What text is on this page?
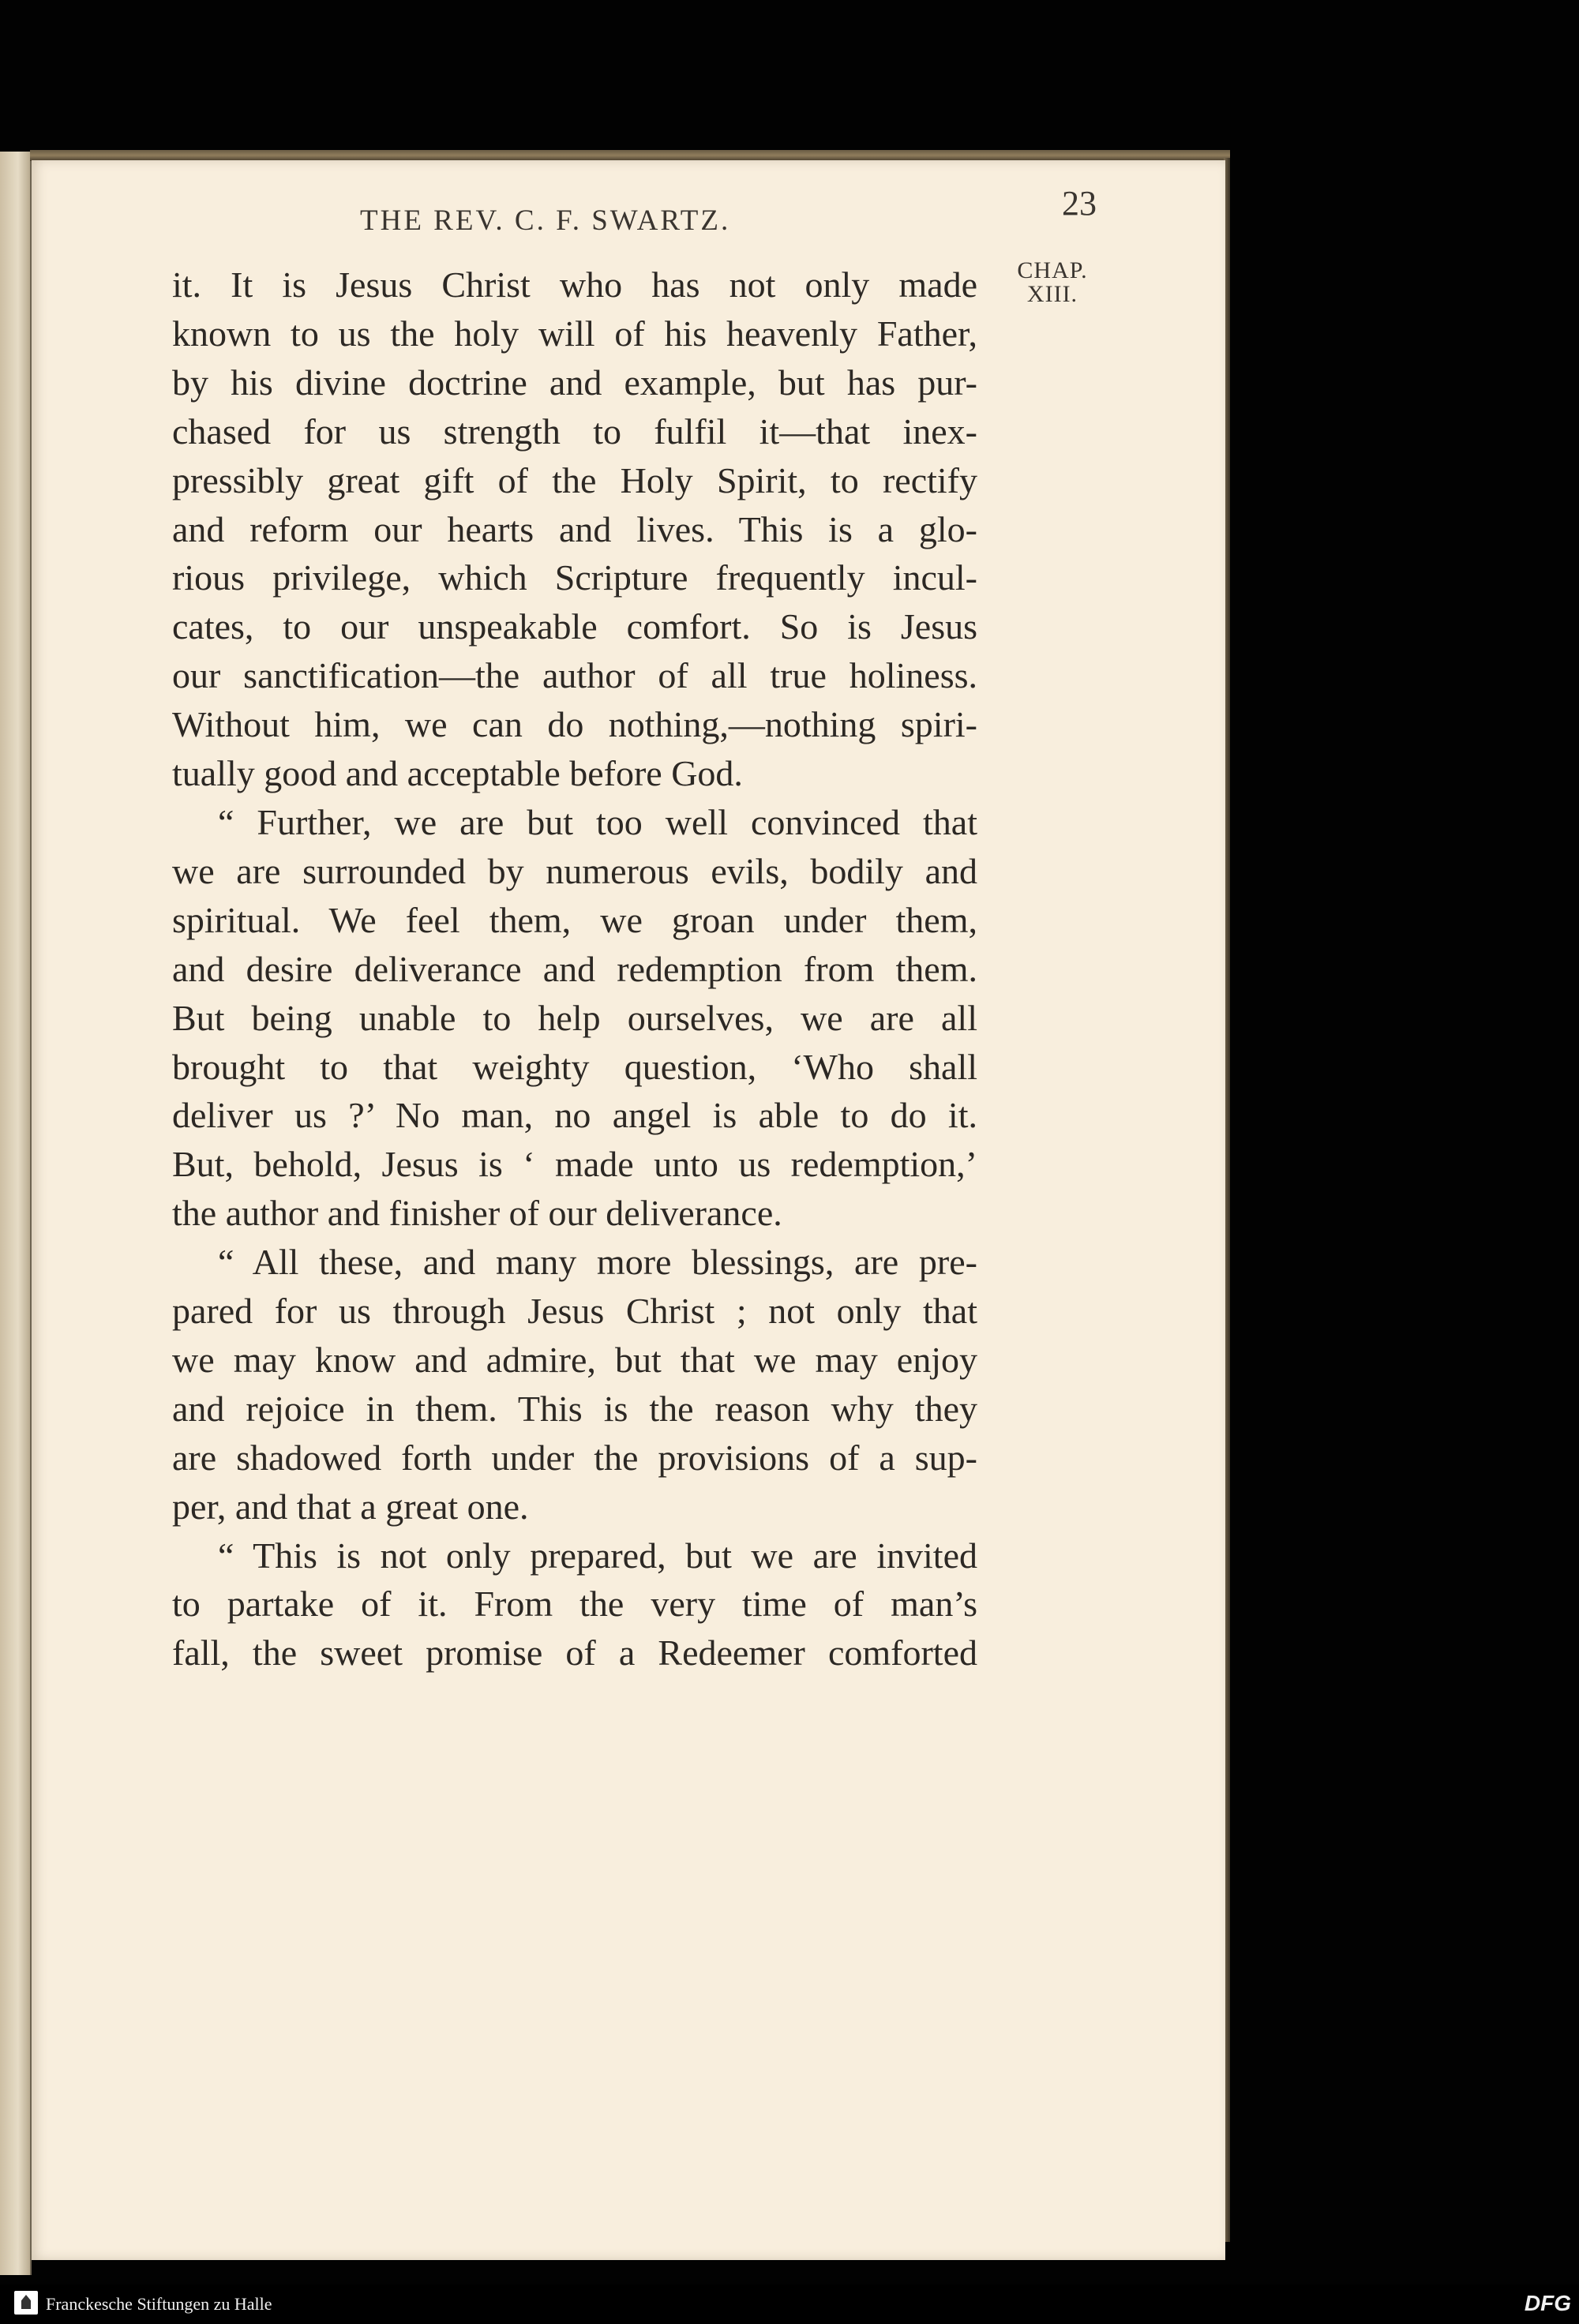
THE REV. C. F. SWARTZ.	23
CHAP.
XIII.
it. It is Jesus Christ who has not only made
known to us the holy will of his heavenly Father,
by his divine doctrine and example, but has pur-
chased for us strength to fulfil it—that inex-
pressibly great gift of the Holy Spirit, to rectify
and reform our hearts and lives. This is a glo-
rious privilege, which Scripture frequently incul-
cates, to our unspeakable comfort. So is Jesus
our sanctification—the author of all true holiness.
Without him, we can do nothing,—nothing spiri-
tually good and acceptable before God.
“ Further, we are but too well convinced that
we are surrounded by numerous evils, bodily and
spiritual. We feel them, we groan under them,
and desire deliverance and redemption from them.
But being unable to help ourselves, we are all
brought to that weighty question, ‘Who shall
deliver us ?’ No man, no angel is able to do it.
But, behold, Jesus is ‘ made unto us redemption,’
the author and finisher of our deliverance.
“ All these, and many more blessings, are pre-
pared for us through Jesus Christ ; not only that
we may know and admire, but that we may enjoy
and rejoice in them. This is the reason why they
are shadowed forth under the provisions of a sup-
per, and that a great one.
“ This is not only prepared, but we are invited
to partake of it. From the very time of man’s
fall, the sweet promise of a Redeemer comforted
Franckesche Stiftungen zu Halle	DFG
